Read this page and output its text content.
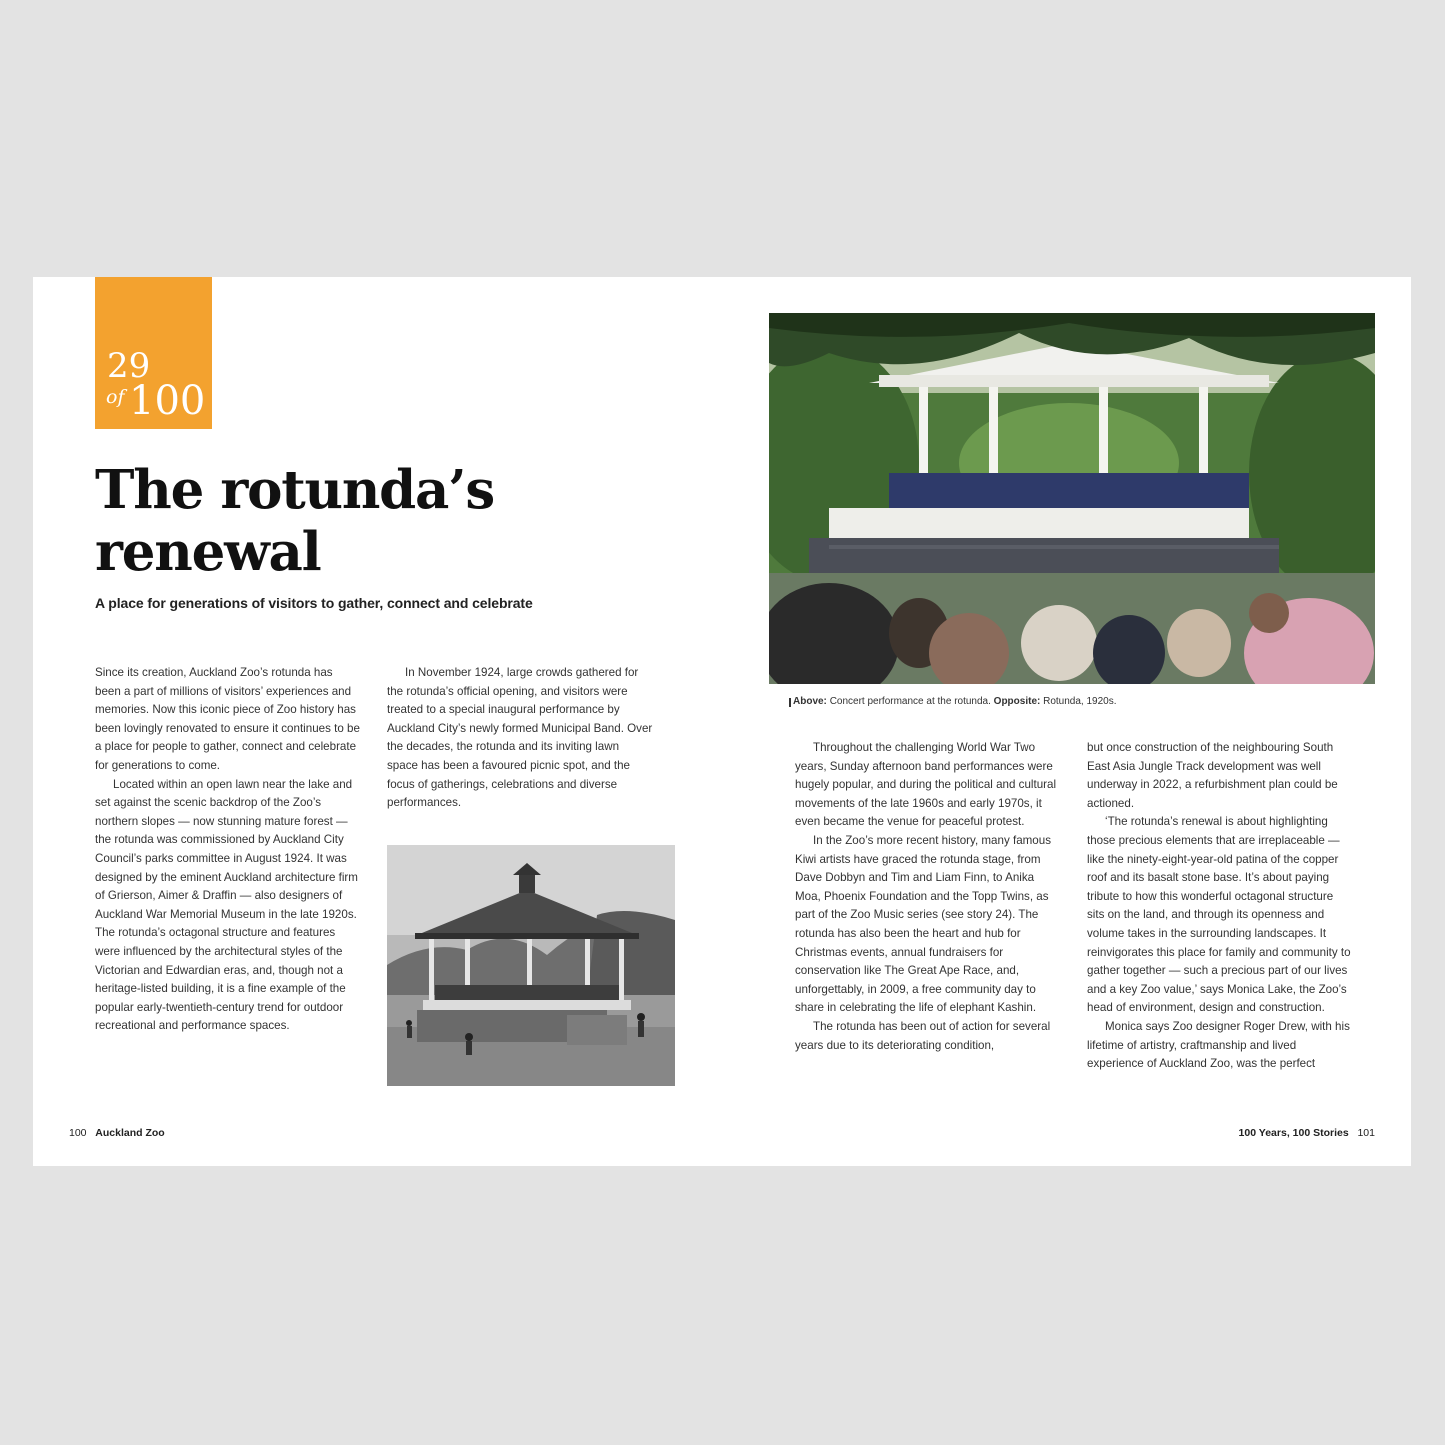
29
of 100
The rotunda’s
renewal
A place for generations of visitors to gather, connect and celebrate

Since its creation, Auckland Zoo’s rotunda has been a part of millions of visitors’ experiences and memories. Now this iconic piece of Zoo history has been lovingly renovated to ensure it continues to be a place for people to gather, connect and celebrate for generations to come.

Located within an open lawn near the lake and set against the scenic backdrop of the Zoo’s northern slopes — now stunning mature forest — the rotunda was commissioned by Auckland City Council’s parks committee in August 1924. It was designed by the eminent Auckland architecture firm of Grierson, Aimer & Draffin — also designers of Auckland War Memorial Museum in the late 1920s. The rotunda’s octagonal structure and features were influenced by the architectural styles of the Victorian and Edwardian eras, and, though not a heritage-listed building, it is a fine example of the popular early-twentieth-century trend for outdoor recreational and performance spaces.

In November 1924, large crowds gathered for the rotunda’s official opening, and visitors were treated to a special inaugural performance by Auckland City’s newly formed Municipal Band. Over the decades, the rotunda and its inviting lawn space has been a favoured picnic spot, and the focus of gatherings, celebrations and diverse performances.

Above: Concert performance at the rotunda. Opposite: Rotunda, 1920s.

Throughout the challenging World War Two years, Sunday afternoon band performances were hugely popular, and during the political and cultural movements of the late 1960s and early 1970s, it even became the venue for peaceful protest.

In the Zoo’s more recent history, many famous Kiwi artists have graced the rotunda stage, from Dave Dobbyn and Tim and Liam Finn, to Anika Moa, Phoenix Foundation and the Topp Twins, as part of the Zoo Music series (see story 24). The rotunda has also been the heart and hub for Christmas events, annual fundraisers for conservation like The Great Ape Race, and, unforgettably, in 2009, a free community day to share in celebrating the life of elephant Kashin.

The rotunda has been out of action for several years due to its deteriorating condition,

but once construction of the neighbouring South East Asia Jungle Track development was well underway in 2022, a refurbishment plan could be actioned.

‘The rotunda’s renewal is about highlighting those precious elements that are irreplaceable — like the ninety-eight-year-old patina of the copper roof and its basalt stone base. It’s about paying tribute to how this wonderful octagonal structure sits on the land, and through its openness and volume takes in the surrounding landscapes. It reinvigorates this place for family and community to gather together — such a precious part of our lives and a key Zoo value,’ says Monica Lake, the Zoo’s head of environment, design and construction.

Monica says Zoo designer Roger Drew, with his lifetime of artistry, craftmanship and lived experience of Auckland Zoo, was the perfect

100 Auckland Zoo	100 Years, 100 Stories 101
